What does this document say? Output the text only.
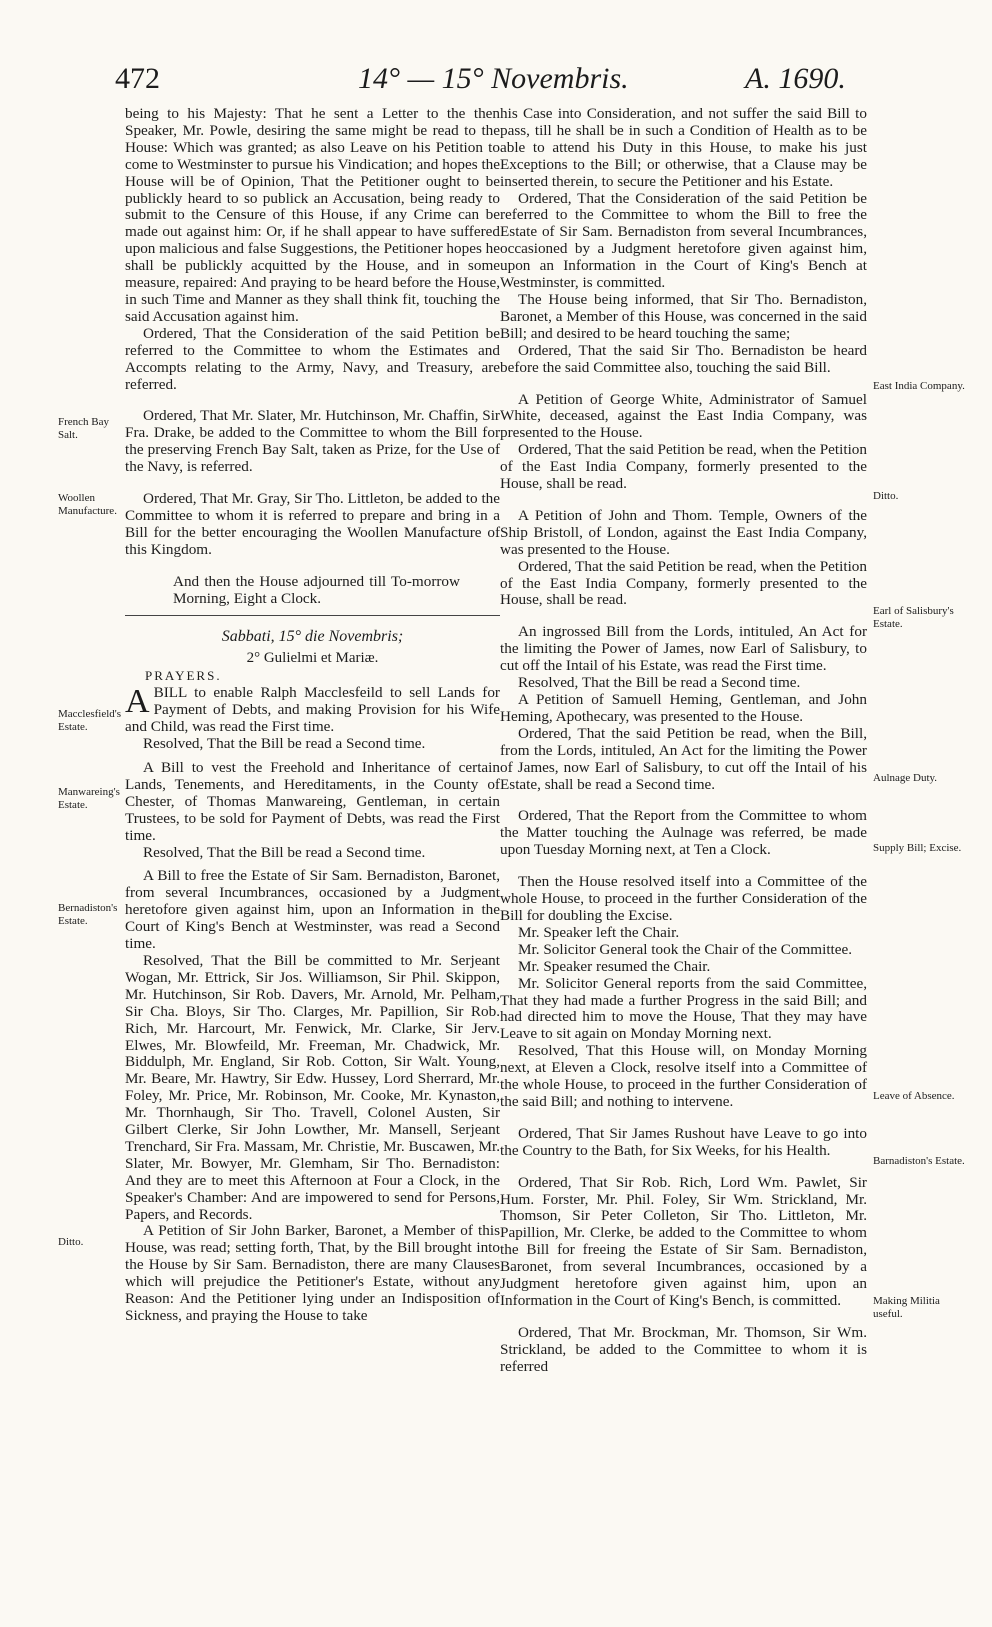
472	14° — 15° Novembris.	A. 1690.
French Bay Salt.
Woollen Manufacture.
Macclesfield's Estate.
Manwareing's Estate.
Bernadiston's Estate.
Ditto.
East India Company.
Ditto.
Earl of Salisbury's Estate.
Aulnage Duty.
Supply Bill; Excise.
Leave of Absence.
Barnadiston's Estate.
Making Militia useful.

being to his Majesty: That he sent a Letter to the then Speaker, Mr. Powle, desiring the same might be read to the House: Which was granted; as also Leave on his Petition to come to Westminster to pursue his Vindication; and hopes the House will be of Opinion, That the Petitioner ought to be publickly heard to so publick an Accusation, being ready to submit to the Censure of this House, if any Crime can be made out against him: Or, if he shall appear to have suffered upon malicious and false Suggestions, the Petitioner hopes he shall be publickly acquitted by the House, and in some measure, repaired: And praying to be heard before the House, in such Time and Manner as they shall think fit, touching the said Accusation against him.

Ordered, That the Consideration of the said Petition be referred to the Committee to whom the Estimates and Accompts relating to the Army, Navy, and Treasury, are referred.

Ordered, That Mr. Slater, Mr. Hutchinson, Mr. Chaffin, Sir Fra. Drake, be added to the Committee to whom the Bill for the preserving French Bay Salt, taken as Prize, for the Use of the Navy, is referred.

Ordered, That Mr. Gray, Sir Tho. Littleton, be added to the Committee to whom it is referred to prepare and bring in a Bill for the better encouraging the Woollen Manufacture of this Kingdom.

And then the House adjourned till To-morrow Morning, Eight a Clock.

Sabbati, 15° die Novembris;
2° Gulielmi et Mariæ.
PRAYERS.

ABILL to enable Ralph Macclesfeild to sell Lands for Payment of Debts, and making Provision for his Wife and Child, was read the First time.

Resolved, That the Bill be read a Second time.

A Bill to vest the Freehold and Inheritance of certain Lands, Tenements, and Hereditaments, in the County of Chester, of Thomas Manwareing, Gentleman, in certain Trustees, to be sold for Payment of Debts, was read the First time.

Resolved, That the Bill be read a Second time.

A Bill to free the Estate of Sir Sam. Bernadiston, Baronet, from several Incumbrances, occasioned by a Judgment heretofore given against him, upon an Information in the Court of King's Bench at Westminster, was read a Second time.

Resolved, That the Bill be committed to Mr. Serjeant Wogan, Mr. Ettrick, Sir Jos. Williamson, Sir Phil. Skippon, Mr. Hutchinson, Sir Rob. Davers, Mr. Arnold, Mr. Pelham, Sir Cha. Bloys, Sir Tho. Clarges, Mr. Papillion, Sir Rob. Rich, Mr. Harcourt, Mr. Fenwick, Mr. Clarke, Sir Jerv. Elwes, Mr. Blowfeild, Mr. Freeman, Mr. Chadwick, Mr. Biddulph, Mr. England, Sir Rob. Cotton, Sir Walt. Young, Mr. Beare, Mr. Hawtry, Sir Edw. Hussey, Lord Sherrard, Mr. Foley, Mr. Price, Mr. Robinson, Mr. Cooke, Mr. Kynaston, Mr. Thornhaugh, Sir Tho. Travell, Colonel Austen, Sir Gilbert Clerke, Sir John Lowther, Mr. Mansell, Serjeant Trenchard, Sir Fra. Massam, Mr. Christie, Mr. Buscawen, Mr. Slater, Mr. Bowyer, Mr. Glemham, Sir Tho. Bernadiston: And they are to meet this Afternoon at Four a Clock, in the Speaker's Chamber: And are impowered to send for Persons, Papers, and Records.

A Petition of Sir John Barker, Baronet, a Member of this House, was read; setting forth, That, by the Bill brought into the House by Sir Sam. Bernadiston, there are many Clauses which will prejudice the Petitioner's Estate, without any Reason: And the Petitioner lying under an Indisposition of Sickness, and praying the House to take

his Case into Consideration, and not suffer the said Bill to pass, till he shall be in such a Condition of Health as to be able to attend his Duty in this House, to make his just Exceptions to the Bill; or otherwise, that a Clause may be inserted therein, to secure the Petitioner and his Estate.

Ordered, That the Consideration of the said Petition be referred to the Committee to whom the Bill to free the Estate of Sir Sam. Bernadiston from several Incumbrances, occasioned by a Judgment heretofore given against him, upon an Information in the Court of King's Bench at Westminster, is committed.

The House being informed, that Sir Tho. Bernadiston, Baronet, a Member of this House, was concerned in the said Bill; and desired to be heard touching the same;

Ordered, That the said Sir Tho. Bernadiston be heard before the said Committee also, touching the said Bill.

A Petition of George White, Administrator of Samuel White, deceased, against the East India Company, was presented to the House.

Ordered, That the said Petition be read, when the Petition of the East India Company, formerly presented to the House, shall be read.

A Petition of John and Thom. Temple, Owners of the Ship Bristoll, of London, against the East India Company, was presented to the House.

Ordered, That the said Petition be read, when the Petition of the East India Company, formerly presented to the House, shall be read.

An ingrossed Bill from the Lords, intituled, An Act for the limiting the Power of James, now Earl of Salisbury, to cut off the Intail of his Estate, was read the First time.

Resolved, That the Bill be read a Second time.

A Petition of Samuell Heming, Gentleman, and John Heming, Apothecary, was presented to the House.

Ordered, That the said Petition be read, when the Bill, from the Lords, intituled, An Act for the limiting the Power of James, now Earl of Salisbury, to cut off the Intail of his Estate, shall be read a Second time.

Ordered, That the Report from the Committee to whom the Matter touching the Aulnage was referred, be made upon Tuesday Morning next, at Ten a Clock.

Then the House resolved itself into a Committee of the whole House, to proceed in the further Consideration of the Bill for doubling the Excise.

Mr. Speaker left the Chair.

Mr. Solicitor General took the Chair of the Committee.

Mr. Speaker resumed the Chair.

Mr. Solicitor General reports from the said Committee, That they had made a further Progress in the said Bill; and had directed him to move the House, That they may have Leave to sit again on Monday Morning next.

Resolved, That this House will, on Monday Morning next, at Eleven a Clock, resolve itself into a Committee of the whole House, to proceed in the further Consideration of the said Bill; and nothing to intervene.

Ordered, That Sir James Rushout have Leave to go into the Country to the Bath, for Six Weeks, for his Health.

Ordered, That Sir Rob. Rich, Lord Wm. Pawlet, Sir Hum. Forster, Mr. Phil. Foley, Sir Wm. Strickland, Mr. Thomson, Sir Peter Colleton, Sir Tho. Littleton, Mr. Papillion, Mr. Clerke, be added to the Committee to whom the Bill for freeing the Estate of Sir Sam. Bernadiston, Baronet, from several Incumbrances, occasioned by a Judgment heretofore given against him, upon an Information in the Court of King's Bench, is committed.

Ordered, That Mr. Brockman, Mr. Thomson, Sir Wm. Strickland, be added to the Committee to whom it is referred
